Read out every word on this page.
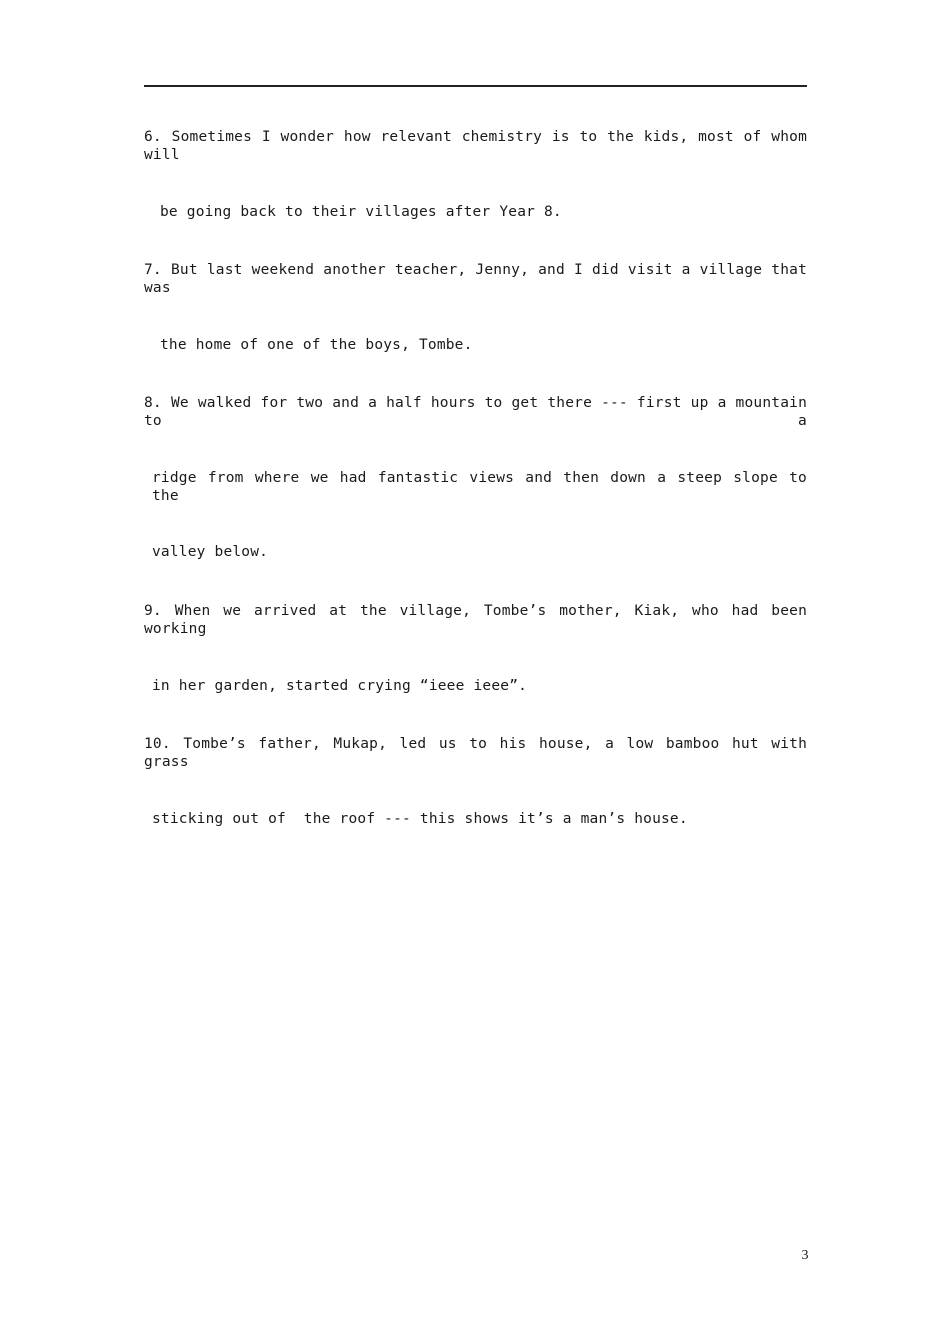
6. Sometimes I wonder how relevant chemistry is to the kids, most of whom will
be going back to their villages after Year 8.
7. But last weekend another teacher, Jenny, and I did visit a village that was
the home of one of the boys, Tombe.
8. We walked for two and a half hours to get there --- first up a mountain to a
ridge from where we had fantastic views and then down a steep slope to the
valley below.
9. When we arrived at the village, Tombe’s mother, Kiak, who had been working
in her garden, started crying “ieee ieee”.
10. Tombe’s father, Mukap, led us to his house, a low bamboo hut with grass
sticking out of  the roof --- this shows it’s a man’s house.
3
